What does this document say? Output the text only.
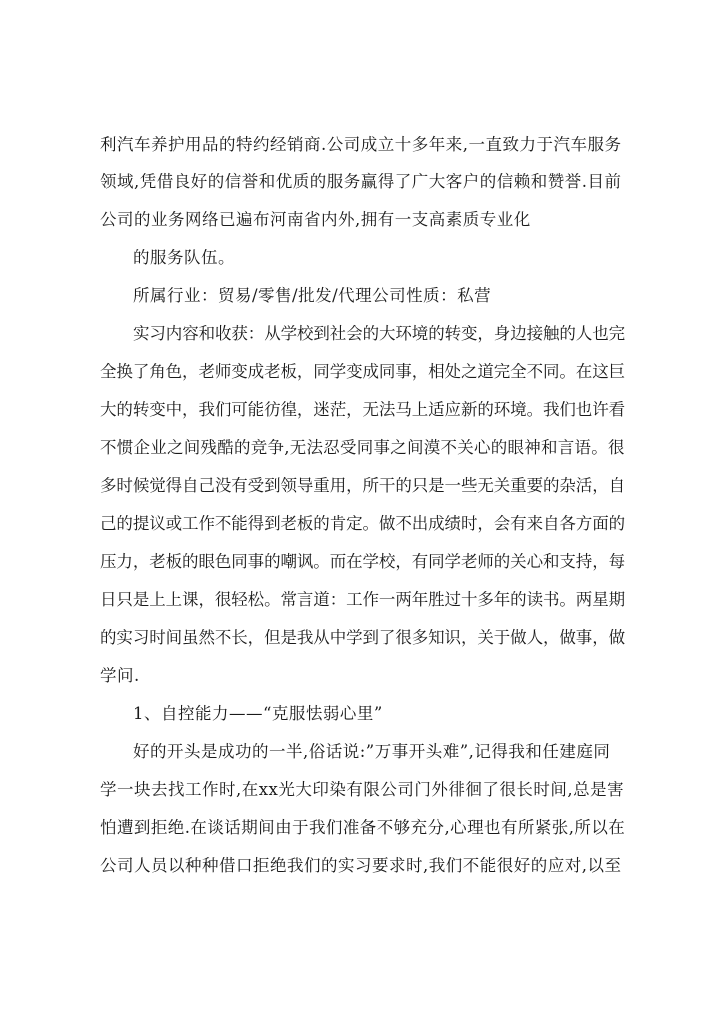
利汽车养护用品的特约经销商.公司成立十多年来,一直致力于汽车服务
领域,凭借良好的信誉和优质的服务赢得了广大客户的信赖和赞誉.目前
公司的业务网络已遍布河南省内外,拥有一支高素质专业化
的服务队伍。
所属行业：贸易/零售/批发/代理公司性质：私营
实习内容和收获：从学校到社会的大环境的转变，身边接触的人也完
全换了角色，老师变成老板，同学变成同事，相处之道完全不同。在这巨
大的转变中，我们可能彷徨，迷茫，无法马上适应新的环境。我们也许看
不惯企业之间残酷的竞争,无法忍受同事之间漠不关心的眼神和言语。很
多时候觉得自己没有受到领导重用，所干的只是一些无关重要的杂活，自
己的提议或工作不能得到老板的肯定。做不出成绩时，会有来自各方面的
压力，老板的眼色同事的嘲讽。而在学校，有同学老师的关心和支持，每
日只是上上课，很轻松。常言道：工作一两年胜过十多年的读书。两星期
的实习时间虽然不长，但是我从中学到了很多知识，关于做人，做事，做
学问.
1、自控能力——“克服怯弱心里”
好的开头是成功的一半,俗话说:”万事开头难”,记得我和任建庭同
学一块去找工作时,在xx光大印染有限公司门外徘徊了很长时间,总是害
怕遭到拒绝.在谈话期间由于我们准备不够充分,心理也有所紧张,所以在
公司人员以种种借口拒绝我们的实习要求时,我们不能很好的应对,以至
